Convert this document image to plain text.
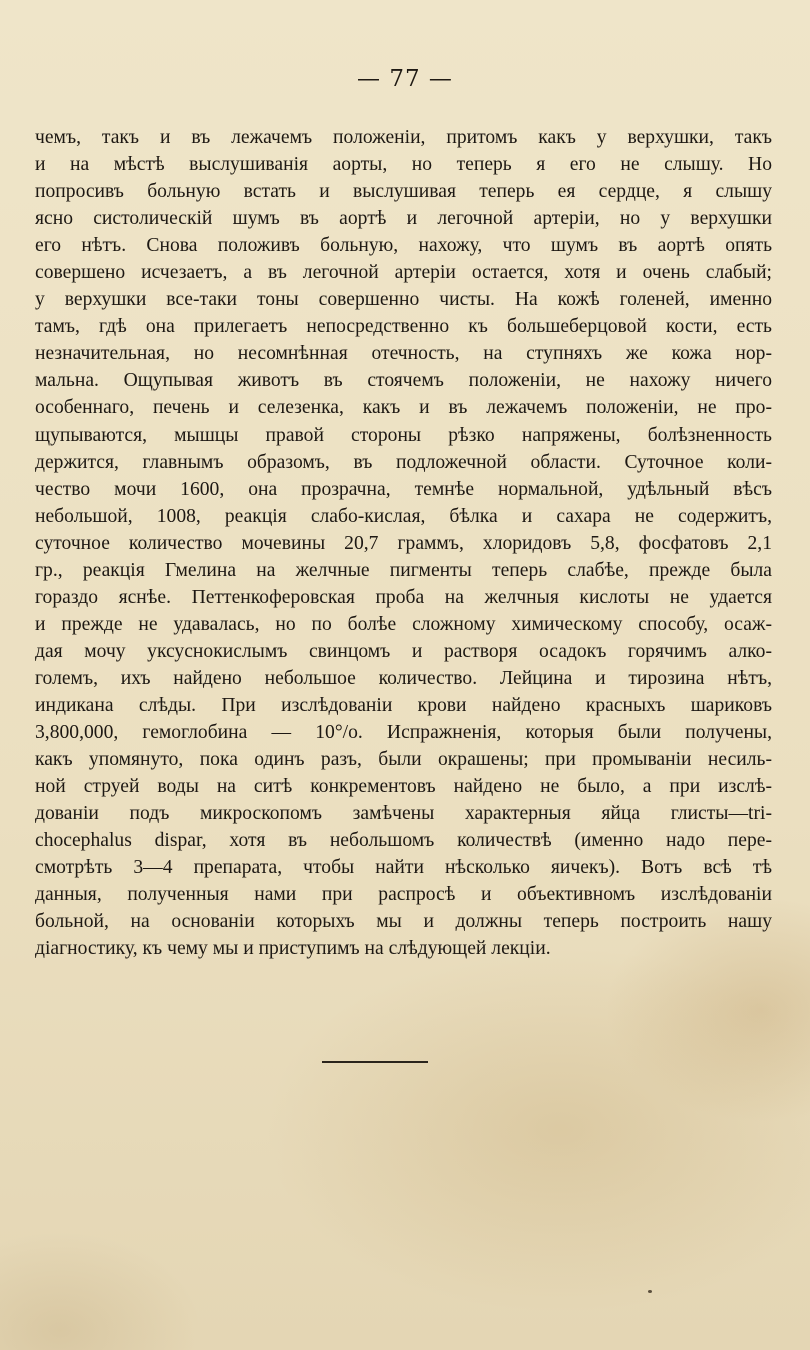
— 77 —
чемъ, такъ и въ лежачемъ положенiи, притомъ какъ у верхушки, такъ
и на мѣстѣ выслушиванiя аорты, но теперь я его не слышу. Но
попросивъ больную встать и выслушивая теперь ея сердце, я слышу
ясно систолическiй шумъ въ аортѣ и легочной артерiи, но у верхушки
его нѣтъ. Снова положивъ больную, нахожу, что шумъ въ аортѣ опять
совершено исчезаетъ, а въ легочной артерiи остается, хотя и очень слабый;
у верхушки все-таки тоны совершенно чисты. На кожѣ голеней, именно
тамъ, гдѣ она прилегаетъ непосредственно къ большеберцовой кости, есть
незначительная, но несомнѣнная отечность, на ступняхъ же кожа нор-
мальна. Ощупывая животъ въ стоячемъ положенiи, не нахожу ничего
особеннаго, печень и селезенка, какъ и въ лежачемъ положенiи, не про-
щупываются, мышцы правой стороны рѣзко напряжены, болѣзненность
держится, главнымъ образомъ, въ подложечной области. Суточное коли-
чество мочи 1600, она прозрачна, темнѣе нормальной, удѣльный вѣсъ
небольшой, 1008, реакцiя слабо-кислая, бѣлка и сахара не содержитъ,
суточное количество мочевины 20,7 граммъ, хлоридовъ 5,8, фосфатовъ 2,1
гр., реакцiя Гмелина на желчные пигменты теперь слабѣе, прежде была
гораздо яснѣе. Петтенкоферовская проба на желчныя кислоты не удается
и прежде не удавалась, но по болѣе сложному химическому способу, осаж-
дая мочу уксуснокислымъ свинцомъ и растворя осадокъ горячимъ алко-
големъ, ихъ найдено небольшое количество. Лейцина и тирозина нѣтъ,
индикана слѣды. При изслѣдованiи крови найдено красныхъ шариковъ
3,800,000, гемоглобина — 10°/o. Испражненiя, которыя были получены,
какъ упомянуто, пока одинъ разъ, были окрашены; при промыванiи несиль-
ной струей воды на ситѣ конкрементовъ найдено не было, а при изслѣ-
дованiи подъ микроскопомъ замѣчены характерныя яйца глисты—tri-
chocephalus dispar, хотя въ небольшомъ количествѣ (именно надо пере-
смотрѣть 3—4 препарата, чтобы найти нѣсколько яичекъ). Вотъ всѣ тѣ
данныя, полученныя нами при распросѣ и объективномъ изслѣдованiи
больной, на основанiи которыхъ мы и должны теперь построить нашу
дiагностику, къ чему мы и приступимъ на слѣдующей лекцiи.
